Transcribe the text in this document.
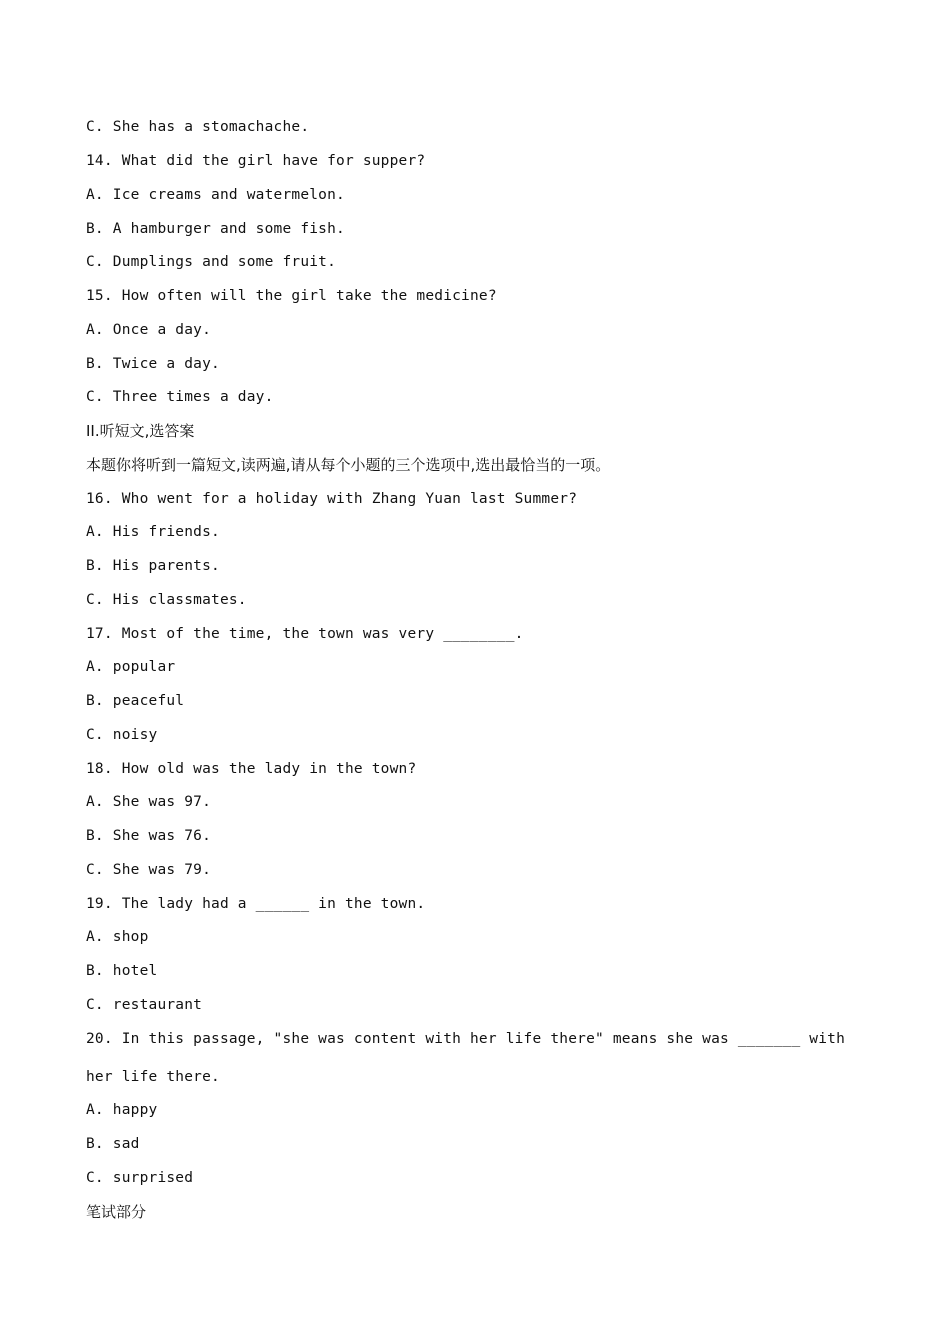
C. She has a stomachache.
14. What did the girl have for supper?
A. Ice creams and watermelon.
B. A hamburger and some fish.
C. Dumplings and some fruit.
15. How often will the girl take the medicine?
A. Once a day.
B. Twice a day.
C. Three times a day.
II.听短文,选答案
本题你将听到一篇短文,读两遍,请从每个小题的三个选项中,选出最恰当的一项。
16. Who went for a holiday with Zhang Yuan last Summer?
A. His friends.
B. His parents.
C. His classmates.
17. Most of the time, the town was very ________.
A. popular
B. peaceful
C. noisy
18. How old was the lady in the town?
A. She was 97.
B. She was 76.
C. She was 79.
19. The lady had a ______ in the town.
A. shop
B. hotel
C. restaurant
20. In this passage, "she was content with her life there" means she was _______ with her life there.
A. happy
B. sad
C. surprised
笔试部分
